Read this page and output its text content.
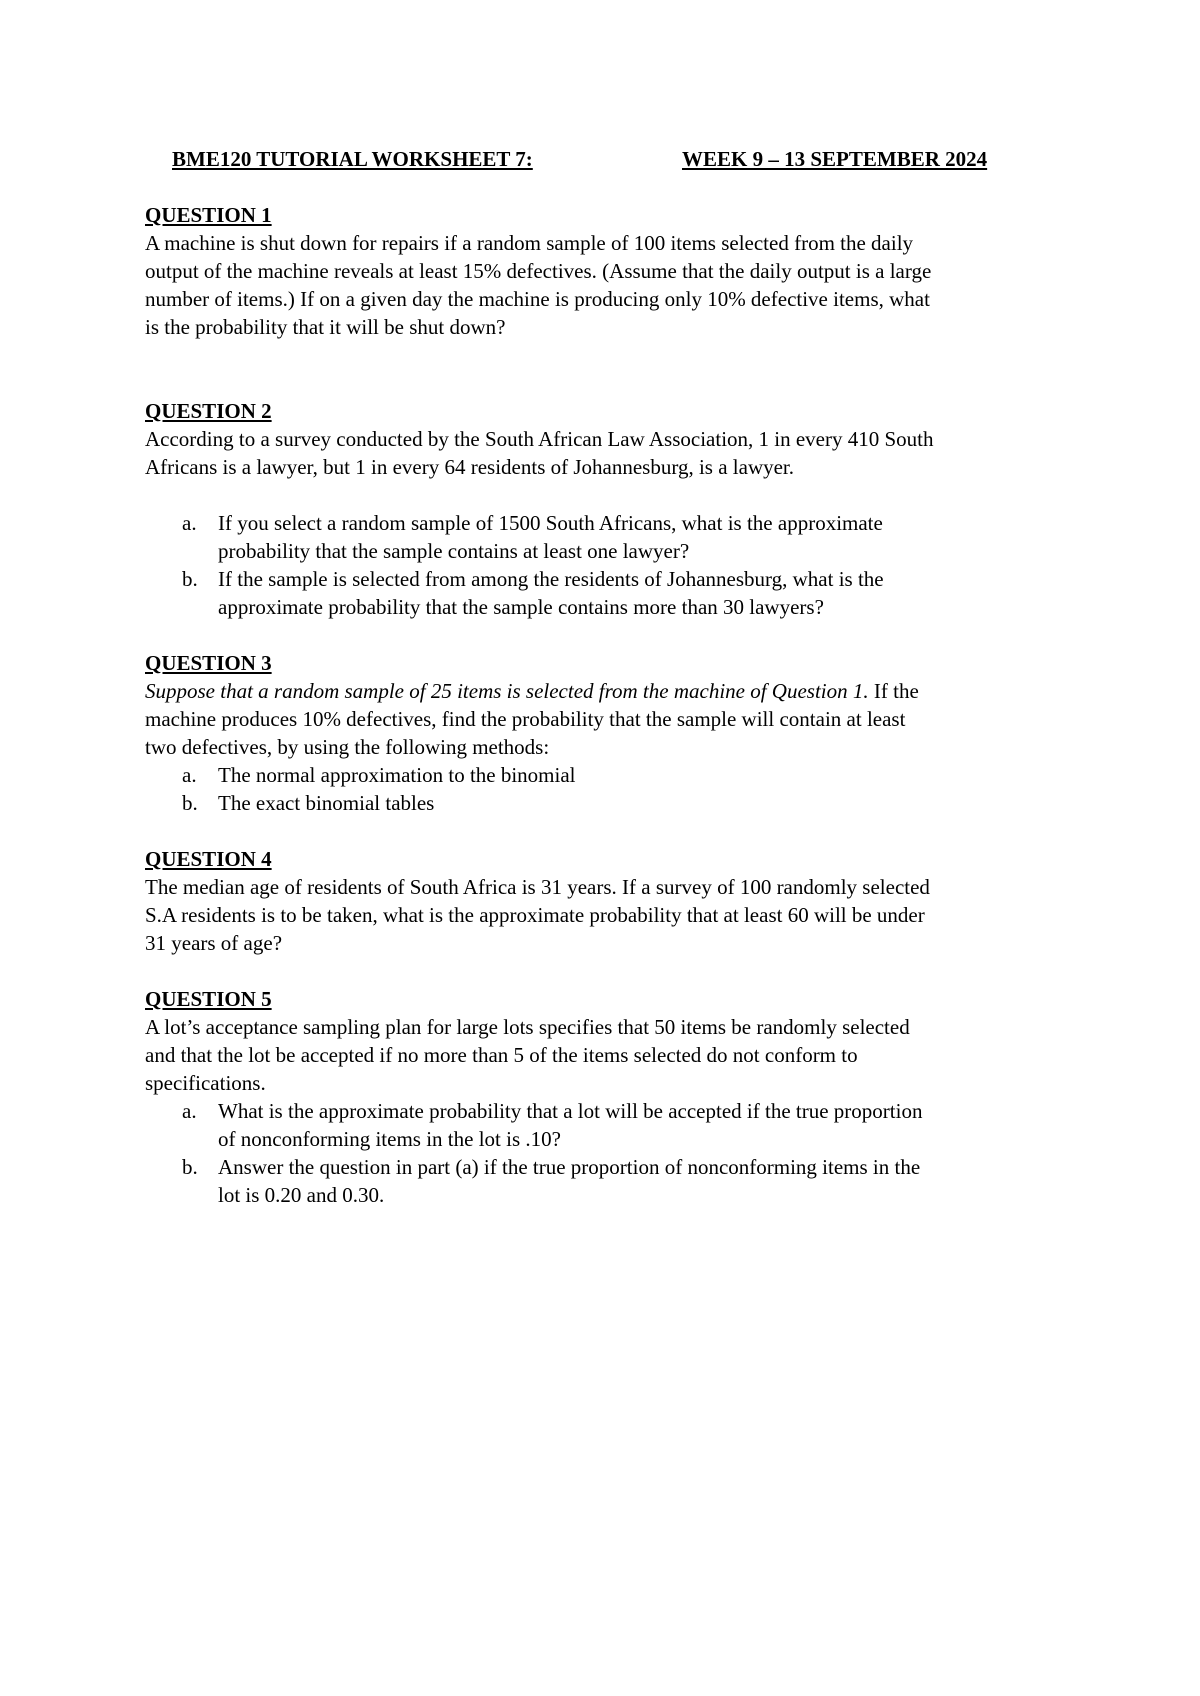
BME120 TUTORIAL WORKSHEET 7:	WEEK 9 – 13 SEPTEMBER 2024
QUESTION 1
A machine is shut down for repairs if a random sample of 100 items selected from the daily
output of the machine reveals at least 15% defectives. (Assume that the daily output is a large
number of items.) If on a given day the machine is producing only 10% defective items, what
is the probability that it will be shut down?
QUESTION 2
According to a survey conducted by the South African Law Association, 1 in every 410 South
Africans is a lawyer, but 1 in every 64 residents of Johannesburg, is a lawyer.
a. If you select a random sample of 1500 South Africans, what is the approximate
probability that the sample contains at least one lawyer?
b. If the sample is selected from among the residents of Johannesburg, what is the
approximate probability that the sample contains more than 30 lawyers?
QUESTION 3
Suppose that a random sample of 25 items is selected from the machine of Question 1. If the
machine produces 10% defectives, find the probability that the sample will contain at least
two defectives, by using the following methods:
a. The normal approximation to the binomial
b. The exact binomial tables
QUESTION 4
The median age of residents of South Africa is 31 years. If a survey of 100 randomly selected
S.A residents is to be taken, what is the approximate probability that at least 60 will be under
31 years of age?
QUESTION 5
A lot’s acceptance sampling plan for large lots specifies that 50 items be randomly selected
and that the lot be accepted if no more than 5 of the items selected do not conform to
specifications.
a. What is the approximate probability that a lot will be accepted if the true proportion
of nonconforming items in the lot is .10?
b. Answer the question in part (a) if the true proportion of nonconforming items in the
lot is 0.20 and 0.30.
